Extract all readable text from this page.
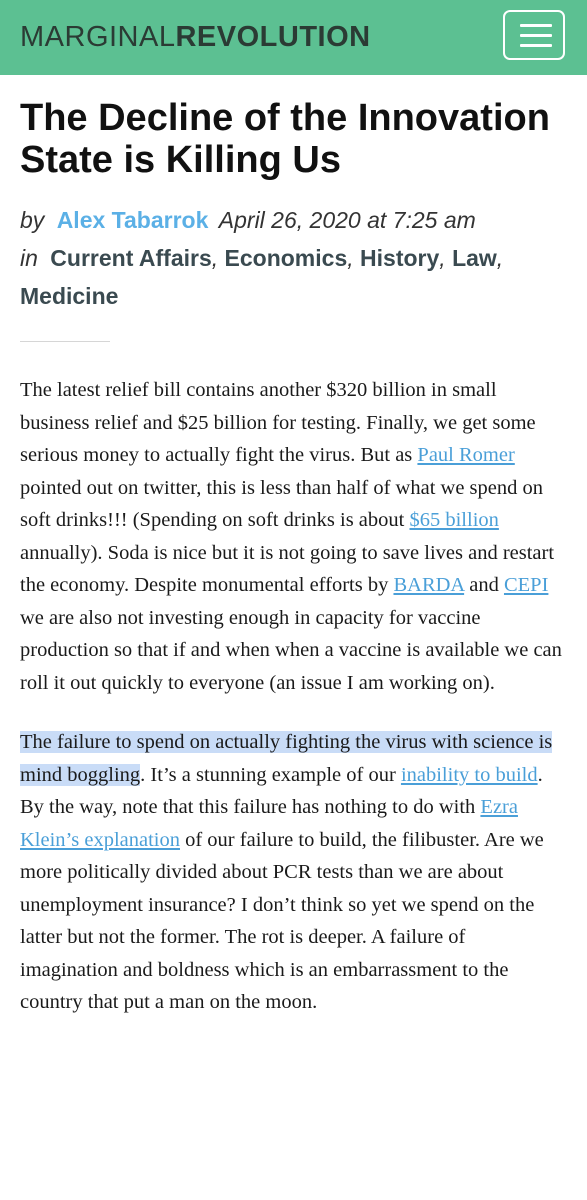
MARGINALREVOLUTION
The Decline of the Innovation State is Killing Us
by Alex Tabarrok April 26, 2020 at 7:25 am
in Current Affairs, Economics, History, Law,
Medicine

The latest relief bill contains another $320 billion in small business relief and $25 billion for testing. Finally, we get some serious money to actually fight the virus. But as Paul Romer pointed out on twitter, this is less than half of what we spend on soft drinks!!! (Spending on soft drinks is about $65 billion annually). Soda is nice but it is not going to save lives and restart the economy. Despite monumental efforts by BARDA and CEPI we are also not investing enough in capacity for vaccine production so that if and when when a vaccine is available we can roll it out quickly to everyone (an issue I am working on).

The failure to spend on actually fighting the virus with science is mind boggling. It’s a stunning example of our inability to build. By the way, note that this failure has nothing to do with Ezra Klein’s explanation of our failure to build, the filibuster. Are we more politically divided about PCR tests than we are about unemployment insurance? I don’t think so yet we spend on the latter but not the former. The rot is deeper. A failure of imagination and boldness which is an embarrassment to the country that put a man on the moon.
